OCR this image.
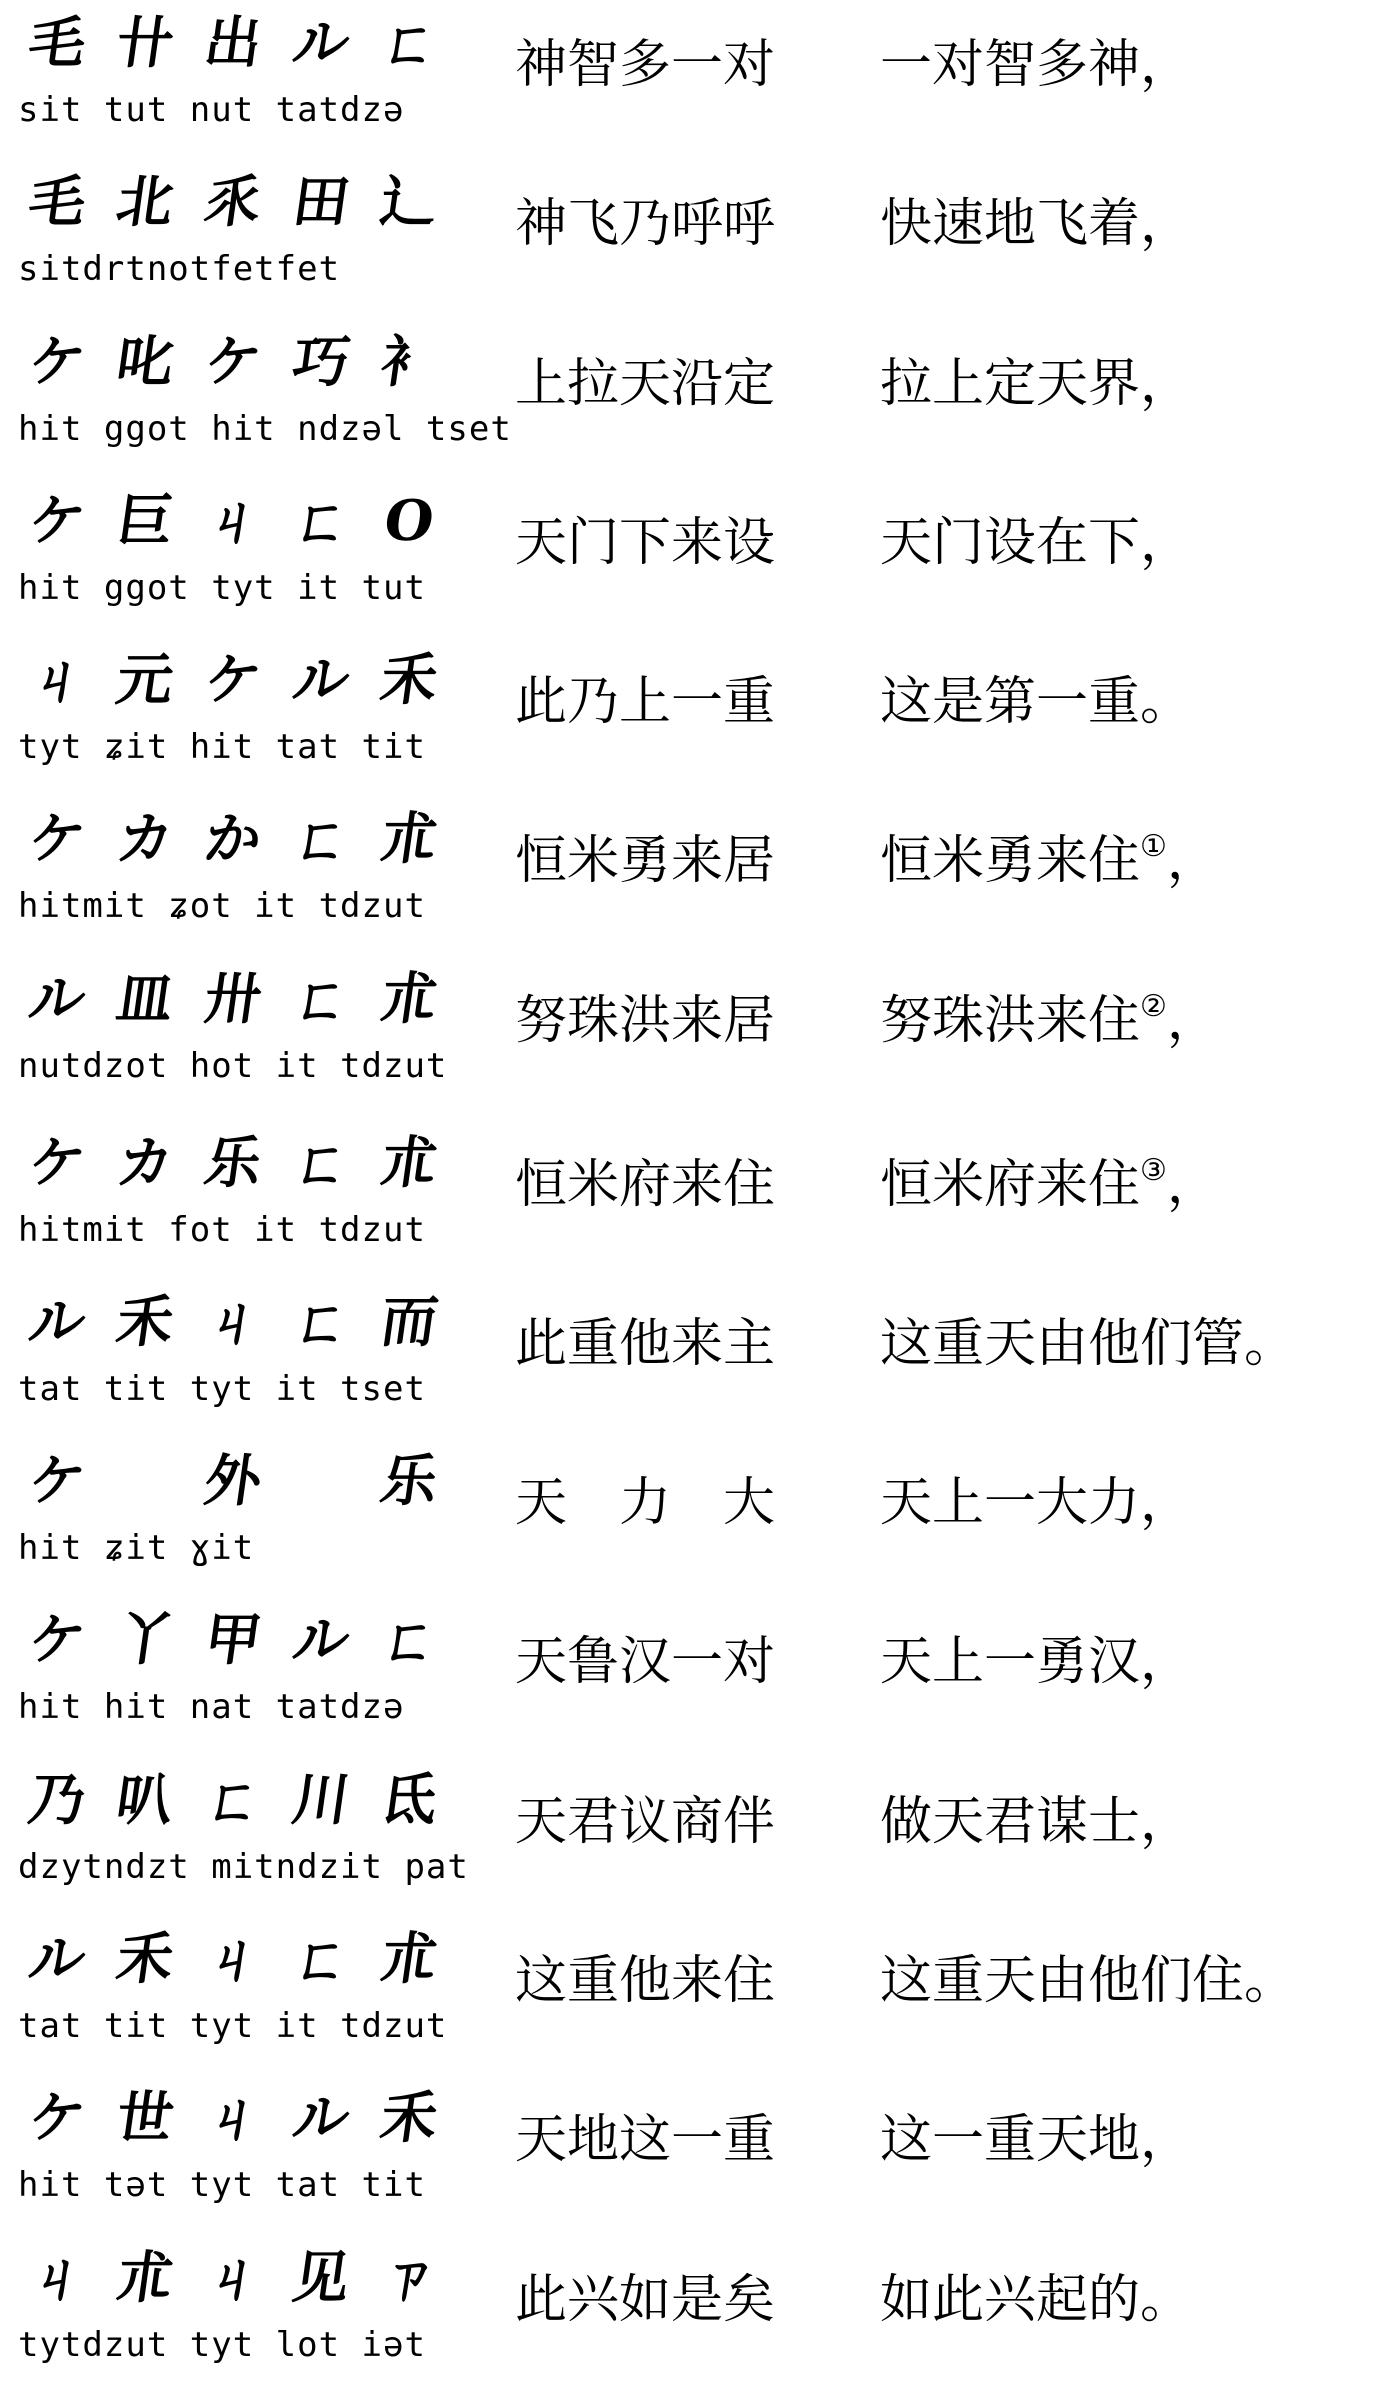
毛 卄 出 ル ㄈ
sit tut nut tatdzə
神智多一对 一对智多神，
毛 北 乑 田 辶
sitdrtnotfetfet
神飞乃呼呼 快速地飞着，
ケ 叱 ケ 巧 衤
hit ggot hit ndzəl tset
上拉天沿定 拉上定天界，
ケ 巨 ㄐ ㄈ O
hit ggot tyt it tut
天门下来设 天门设在下，
ㄐ 元 ケ ル 禾
tyt ʑit hit tat tit
此乃上一重 这是第一重。
ケ カ か ㄈ 朮
hitmit ʑot it tdzut
恒米勇来居 恒米勇来住①，
ル 皿 卅 ㄈ 朮
nutdzot hot it tdzut
努珠洪来居 努珠洪来住②，
ケ カ 乐 ㄈ 朮
hitmit fot it tdzut
恒米府来住 恒米府来住③，
ル 禾 ㄐ ㄈ 而
tat tit tyt it tset
此重他来主 这重天由他们管。
ケ 外 乐
hit ʑit ɣit
天　力　大 天上一大力，
ケ 丫 甲 ル ㄈ
hit hit nat tatdzə
天鲁汉一对 天上一勇汉，
乃 叭 ㄈ 川 氐
dzytndzt mitndzit pat
天君议商伴 做天君谋士，
ル 禾 ㄐ ㄈ 朮
tat tit tyt it tdzut
这重他来住 这重天由他们住。
ケ 世 ㄐ ル 禾
hit tət tyt tat tit
天地这一重 这一重天地，
ㄐ 朮 ㄐ 见 ㄗ
tytdzut tyt lot iət
此兴如是矣 如此兴起的。
